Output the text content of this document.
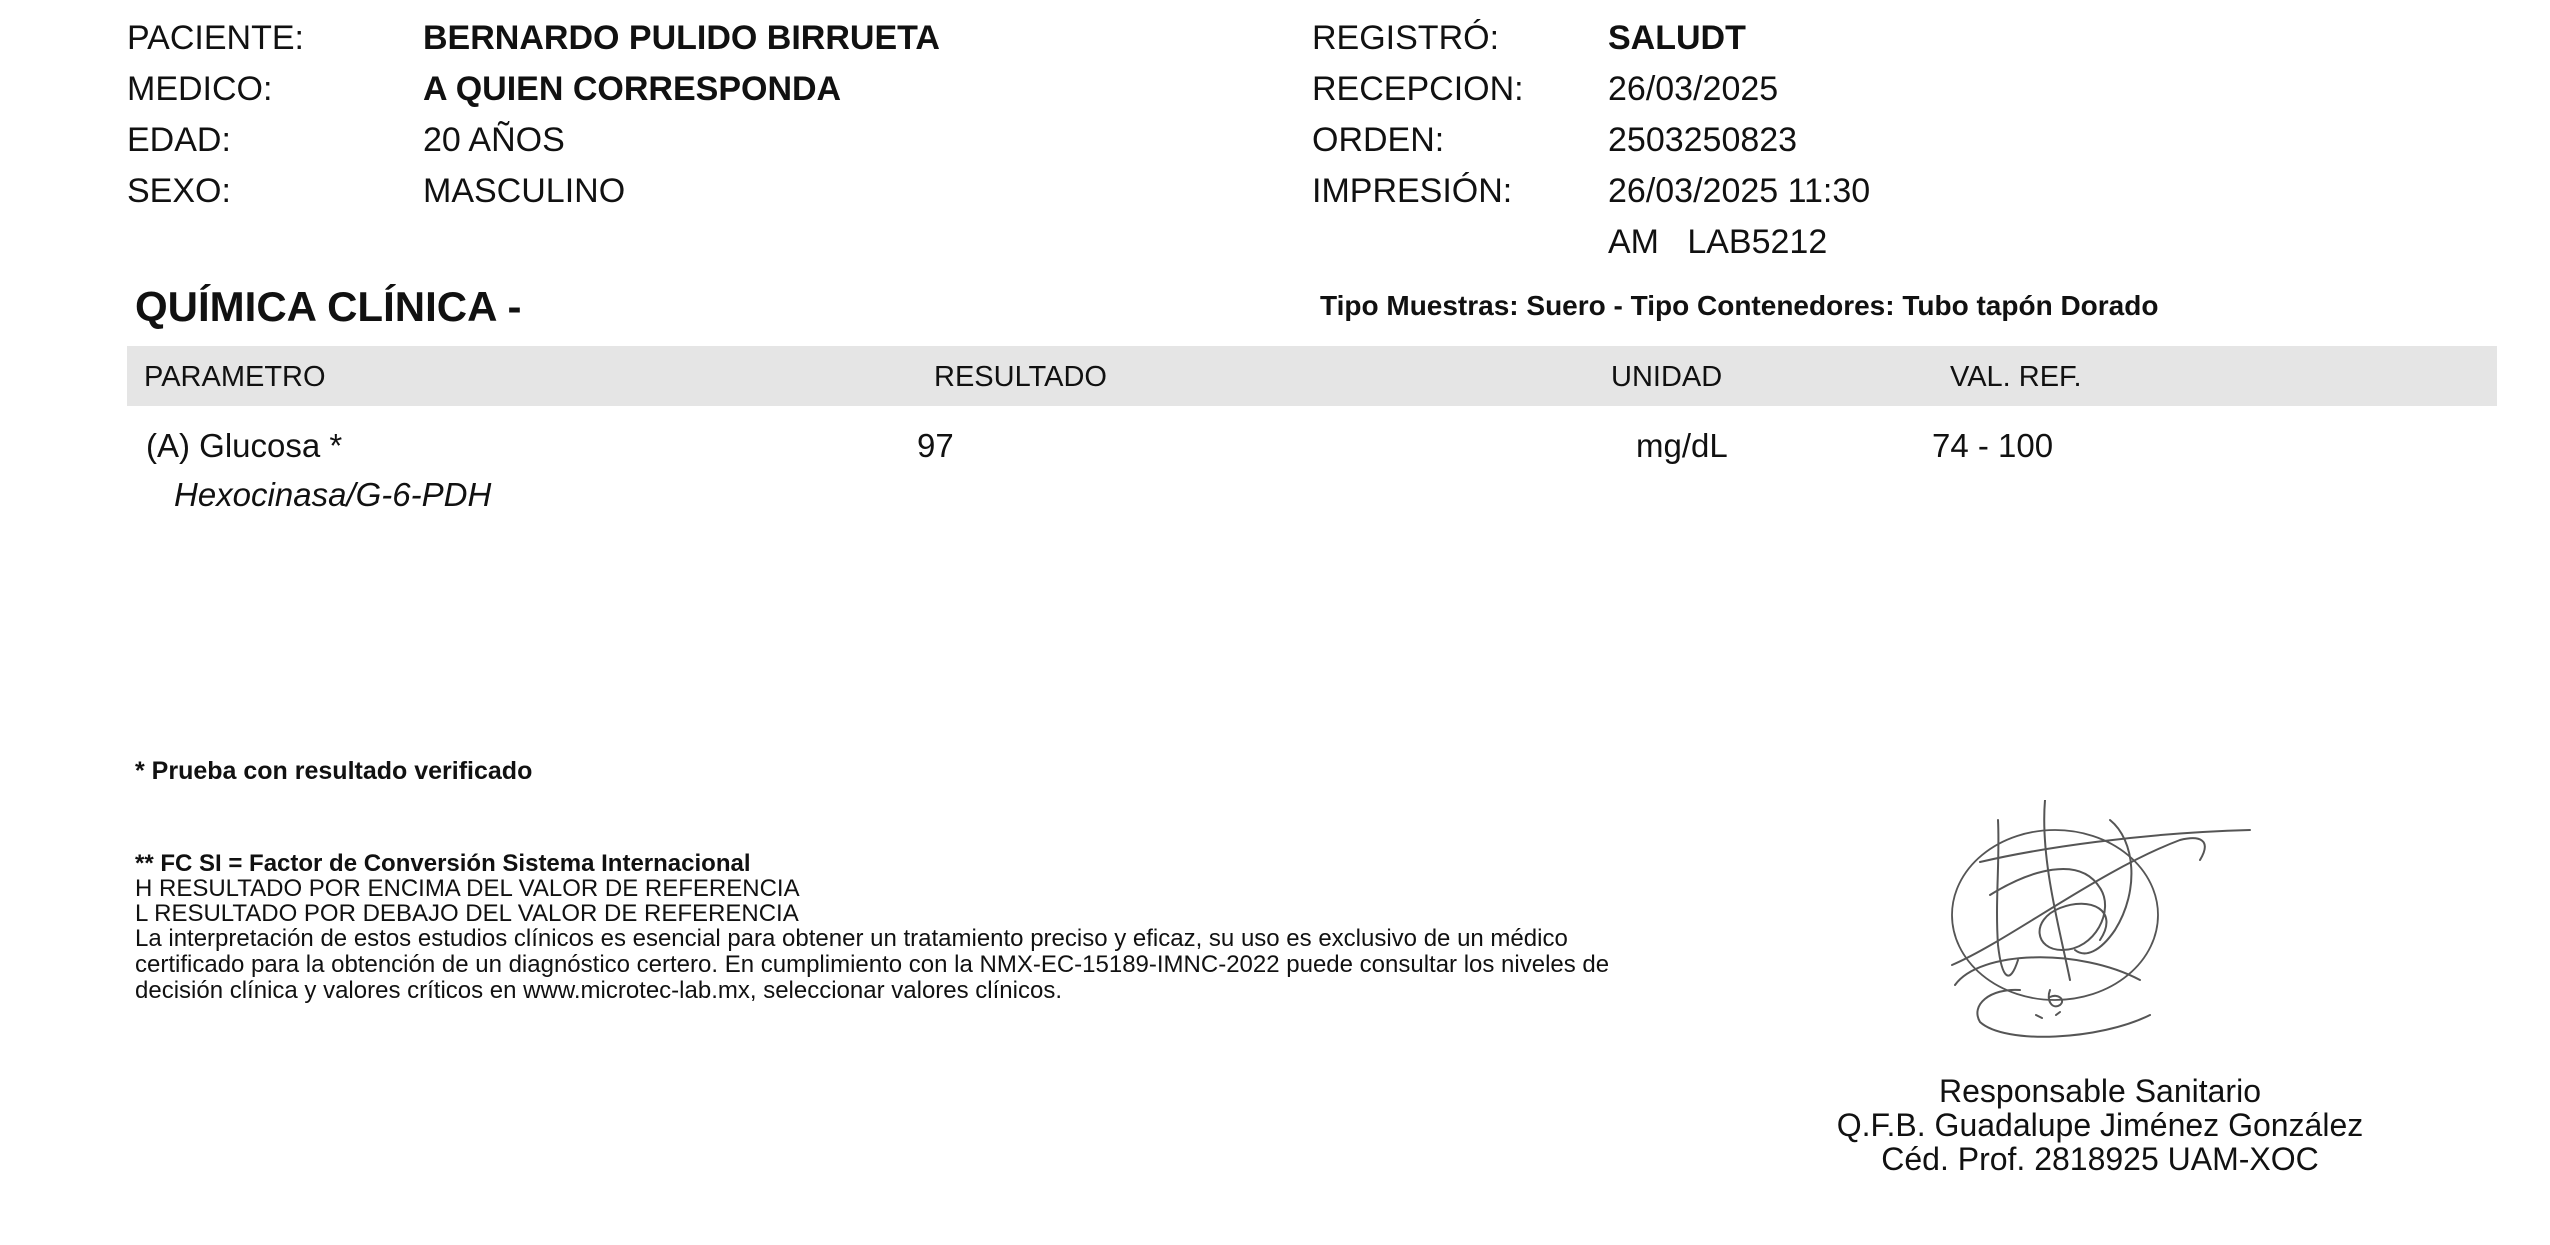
PACIENTE:	BERNARDO PULIDO BIRRUETA
MEDICO:	A QUIEN CORRESPONDA
EDAD:	20 AÑOS
SEXO:	MASCULINO
REGISTRÓ:	SALUDT
RECEPCION: 26/03/2025
ORDEN:	2503250823
IMPRESIÓN:	26/03/2025 11:30
AM   LAB5212
QUÍMICA CLÍNICA -	Tipo Muestras: Suero - Tipo Contenedores: Tubo tapón Dorado
PARAMETRO	RESULTADO	UNIDAD	VAL. REF.
(A) Glucosa *	97	mg/dL	74 - 100
Hexocinasa/G-6-PDH
* Prueba con resultado verificado
** FC SI = Factor de Conversión Sistema Internacional
H RESULTADO POR ENCIMA DEL VALOR DE REFERENCIA
L RESULTADO POR DEBAJO DEL VALOR DE REFERENCIA
La interpretación de estos estudios clínicos es esencial para obtener un tratamiento preciso y eficaz, su uso es exclusivo de un médico
certificado para la obtención de un diagnóstico certero. En cumplimiento con la NMX-EC-15189-IMNC-2022 puede consultar los niveles de
decisión clínica y valores críticos en www.microtec-lab.mx, seleccionar valores clínicos.
Responsable Sanitario
Q.F.B. Guadalupe Jiménez González
Céd. Prof. 2818925 UAM-XOC
